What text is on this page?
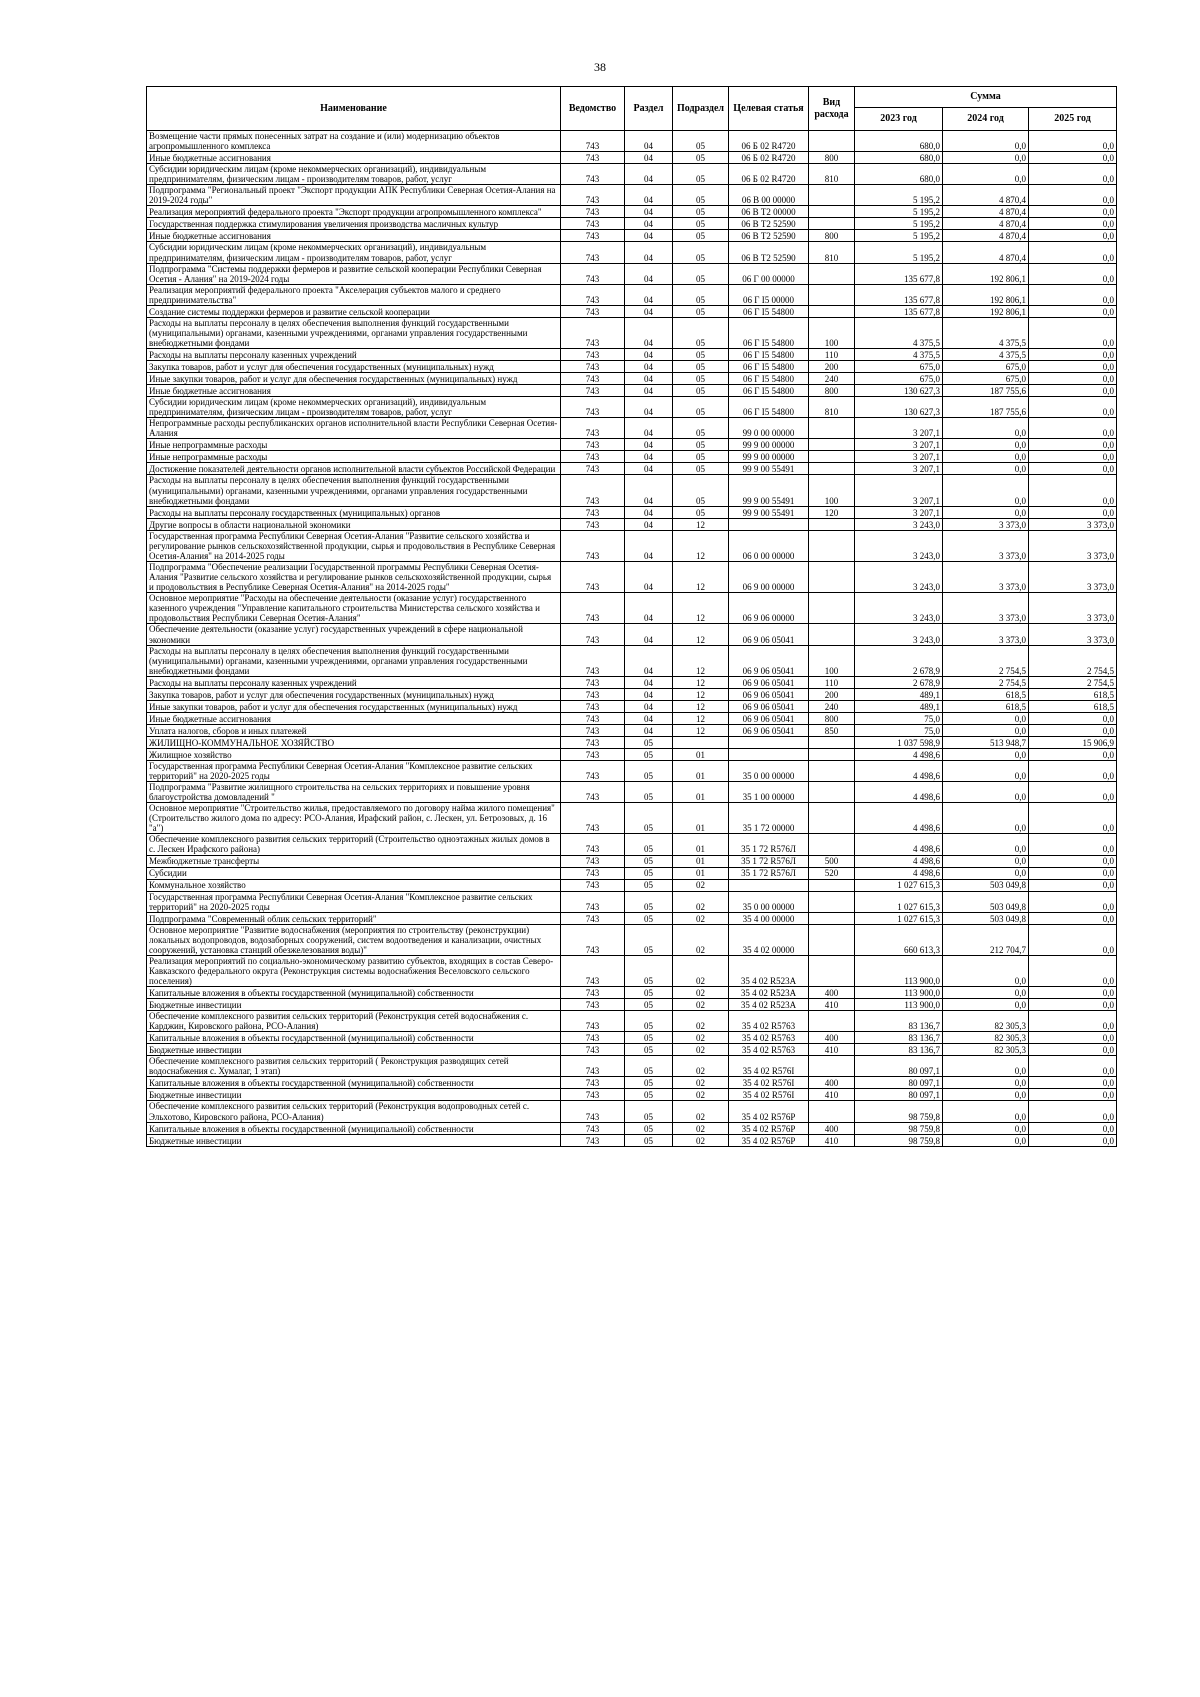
38
Наименование	Ведомство	Раздел	Подраздел	Целевая статья	Вид расхода	Сумма		
						2023 год	2024 год	2025 год
Возмещение части прямых понесенных затрат на создание и (или) модернизацию объектов агропромышленного комплекса	743	04	05	06 Б 02 R4720		680,0	0,0	0,0
Иные бюджетные ассигнования	743	04	05	06 Б 02 R4720	800	680,0	0,0	0,0
Субсидии юридическим лицам (кроме некоммерческих организаций), индивидуальным предпринимателям, физическим лицам - производителям товаров, работ, услуг	743	04	05	06 Б 02 R4720	810	680,0	0,0	0,0
Подпрограмма "Региональный проект "Экспорт продукции АПК Республики Северная Осетия-Алания на 2019-2024 годы"	743	04	05	06 В 00 00000		5 195,2	4 870,4	0,0
Реализация мероприятий федерального проекта "Экспорт продукции агропромышленного комплекса"	743	04	05	06 В Т2 00000		5 195,2	4 870,4	0,0
Государственная поддержка стимулирования увеличения производства масличных культур	743	04	05	06 В Т2 52590		5 195,2	4 870,4	0,0
Иные бюджетные ассигнования	743	04	05	06 В Т2 52590	800	5 195,2	4 870,4	0,0
Субсидии юридическим лицам (кроме некоммерческих организаций), индивидуальным предпринимателям, физическим лицам - производителям товаров, работ, услуг	743	04	05	06 В Т2 52590	810	5 195,2	4 870,4	0,0
Подпрограмма "Системы поддержки фермеров и развитие сельской кооперации Республики Северная Осетия - Алания" на 2019-2024 годы	743	04	05	06 Г 00 00000		135 677,8	192 806,1	0,0
Реализация мероприятий федерального проекта "Акселерация субъектов малого и среднего предпринимательства"	743	04	05	06 Г I5 00000		135 677,8	192 806,1	0,0
Создание системы поддержки фермеров и развитие сельской кооперации	743	04	05	06 Г I5 54800		135 677,8	192 806,1	0,0
Расходы на выплаты персоналу в целях обеспечения выполнения функций государственными (муниципальными) органами, казенными учреждениями, органами управления государственными внебюджетными фондами	743	04	05	06 Г I5 54800	100	4 375,5	4 375,5	0,0
Расходы на выплаты персоналу казенных учреждений	743	04	05	06 Г I5 54800	110	4 375,5	4 375,5	0,0
Закупка товаров, работ и услуг для обеспечения государственных (муниципальных) нужд	743	04	05	06 Г I5 54800	200	675,0	675,0	0,0
Иные закупки товаров, работ и услуг для обеспечения государственных (муниципальных) нужд	743	04	05	06 Г I5 54800	240	675,0	675,0	0,0
Иные бюджетные ассигнования	743	04	05	06 Г I5 54800	800	130 627,3	187 755,6	0,0
Субсидии юридическим лицам (кроме некоммерческих организаций), индивидуальным предпринимателям, физическим лицам - производителям товаров, работ, услуг	743	04	05	06 Г I5 54800	810	130 627,3	187 755,6	0,0
Непрограммные расходы республиканских органов исполнительной власти Республики Северная Осетия-Алания	743	04	05	99 0 00 00000		3 207,1	0,0	0,0
Иные непрограммные расходы	743	04	05	99 9 00 00000		3 207,1	0,0	0,0
Иные непрограммные расходы	743	04	05	99 9 00 00000		3 207,1	0,0	0,0
Достижение показателей деятельности органов исполнительной власти субъектов Российской Федерации	743	04	05	99 9 00 55491		3 207,1	0,0	0,0
Расходы на выплаты персоналу в целях обеспечения выполнения функций государственными (муниципальными) органами, казенными учреждениями, органами управления государственными внебюджетными фондами	743	04	05	99 9 00 55491	100	3 207,1	0,0	0,0
Расходы на выплаты персоналу государственных (муниципальных) органов	743	04	05	99 9 00 55491	120	3 207,1	0,0	0,0
Другие вопросы в области национальной экономики	743	04	12			3 243,0	3 373,0	3 373,0
Государственная программа Республики Северная Осетия-Алания "Развитие сельского хозяйства и регулирование рынков сельскохозяйственной продукции, сырья и продовольствия в Республике Северная Осетия-Алания" на 2014-2025 годы	743	04	12	06 0 00 00000		3 243,0	3 373,0	3 373,0
Подпрограмма "Обеспечение реализации Государственной программы Республики Северная Осетия-Алания "Развитие сельского хозяйства и регулирование рынков сельскохозяйственной продукции, сырья и продовольствия в Республике Северная Осетия-Алания" на 2014-2025 годы"	743	04	12	06 9 00 00000		3 243,0	3 373,0	3 373,0
Основное мероприятие "Расходы на обеспечение деятельности (оказание услуг) государственного казенного учреждения "Управление капитального строительства Министерства сельского хозяйства и продовольствия Республики Северная Осетия-Алания"	743	04	12	06 9 06 00000		3 243,0	3 373,0	3 373,0
Обеспечение деятельности (оказание услуг) государственных учреждений в сфере национальной экономики	743	04	12	06 9 06 05041		3 243,0	3 373,0	3 373,0
Расходы на выплаты персоналу в целях обеспечения выполнения функций государственными (муниципальными) органами, казенными учреждениями, органами управления государственными внебюджетными фондами	743	04	12	06 9 06 05041	100	2 678,9	2 754,5	2 754,5
Расходы на выплаты персоналу казенных учреждений	743	04	12	06 9 06 05041	110	2 678,9	2 754,5	2 754,5
Закупка товаров, работ и услуг для обеспечения государственных (муниципальных) нужд	743	04	12	06 9 06 05041	200	489,1	618,5	618,5
Иные закупки товаров, работ и услуг для обеспечения государственных (муниципальных) нужд	743	04	12	06 9 06 05041	240	489,1	618,5	618,5
Иные бюджетные ассигнования	743	04	12	06 9 06 05041	800	75,0	0,0	0,0
Уплата налогов, сборов и иных платежей	743	04	12	06 9 06 05041	850	75,0	0,0	0,0
ЖИЛИЩНО-КОММУНАЛЬНОЕ ХОЗЯЙСТВО	743	05				1 037 598,9	513 948,7	15 906,9
Жилищное хозяйство	743	05	01			4 498,6	0,0	0,0
Государственная программа Республики Северная Осетия-Алания "Комплексное развитие сельских территорий" на 2020-2025 годы	743	05	01	35 0 00 00000		4 498,6	0,0	0,0
Подпрограмма "Развитие жилищного строительства на сельских территориях и повышение уровня благоустройства домовладений "	743	05	01	35 1 00 00000		4 498,6	0,0	0,0
Основное мероприятие "Строительство жилья, предоставляемого по договору найма жилого помещения" (Строительство жилого дома по адресу: РСО-Алания, Ирафский район, с. Лескен, ул. Бетрозовых, д. 16 "а")	743	05	01	35 1 72 00000		4 498,6	0,0	0,0
Обеспечение комплексного развития сельских территорий (Строительство одноэтажных жилых домов в с. Лескен Ирафского района)	743	05	01	35 1 72 R576Л		4 498,6	0,0	0,0
Межбюджетные трансферты	743	05	01	35 1 72 R576Л	500	4 498,6	0,0	0,0
Субсидии	743	05	01	35 1 72 R576Л	520	4 498,6	0,0	0,0
Коммунальное хозяйство	743	05	02			1 027 615,3	503 049,8	0,0
Государственная программа Республики Северная Осетия-Алания "Комплексное развитие сельских территорий" на 2020-2025 годы	743	05	02	35 0 00 00000		1 027 615,3	503 049,8	0,0
Подпрограмма "Современный облик сельских территорий"	743	05	02	35 4 00 00000		1 027 615,3	503 049,8	0,0
Основное мероприятие "Развитие водоснабжения (мероприятия по строительству (реконструкции) локальных водопроводов, водозаборных сооружений, систем водоотведения и канализации, очистных сооружений, установка станций обезжелезования воды)"	743	05	02	35 4 02 00000		660 613,3	212 704,7	0,0
Реализация мероприятий по социально-экономическому развитию субъектов, входящих в состав Северо-Кавказского федерального округа (Реконструкция системы водоснабжения Веселовского сельского поселения)	743	05	02	35 4 02 R523А		113 900,0	0,0	0,0
Капитальные вложения в объекты государственной (муниципальной) собственности	743	05	02	35 4 02 R523А	400	113 900,0	0,0	0,0
Бюджетные инвестиции	743	05	02	35 4 02 R523А	410	113 900,0	0,0	0,0
Обеспечение комплексного развития сельских территорий (Реконструкция сетей водоснабжения с. Карджин, Кировского района, РСО-Алания)	743	05	02	35 4 02 R5763		83 136,7	82 305,3	0,0
Капитальные вложения в объекты государственной (муниципальной) собственности	743	05	02	35 4 02 R5763	400	83 136,7	82 305,3	0,0
Бюджетные инвестиции	743	05	02	35 4 02 R5763	410	83 136,7	82 305,3	0,0
Обеспечение комплексного развития сельских территорий ( Реконструкция разводящих сетей водоснабжения с. Хумалаг, 1 этап)	743	05	02	35 4 02 R576I		80 097,1	0,0	0,0
Капитальные вложения в объекты государственной (муниципальной) собственности	743	05	02	35 4 02 R576I	400	80 097,1	0,0	0,0
Бюджетные инвестиции	743	05	02	35 4 02 R576I	410	80 097,1	0,0	0,0
Обеспечение комплексного развития сельских территорий (Реконструкция водопроводных сетей с. Эльхотово, Кировского района, РСО-Алания)	743	05	02	35 4 02 R576Р		98 759,8	0,0	0,0
Капитальные вложения в объекты государственной (муниципальной) собственности	743	05	02	35 4 02 R576Р	400	98 759,8	0,0	0,0
Бюджетные инвестиции	743	05	02	35 4 02 R576Р	410	98 759,8	0,0	0,0
